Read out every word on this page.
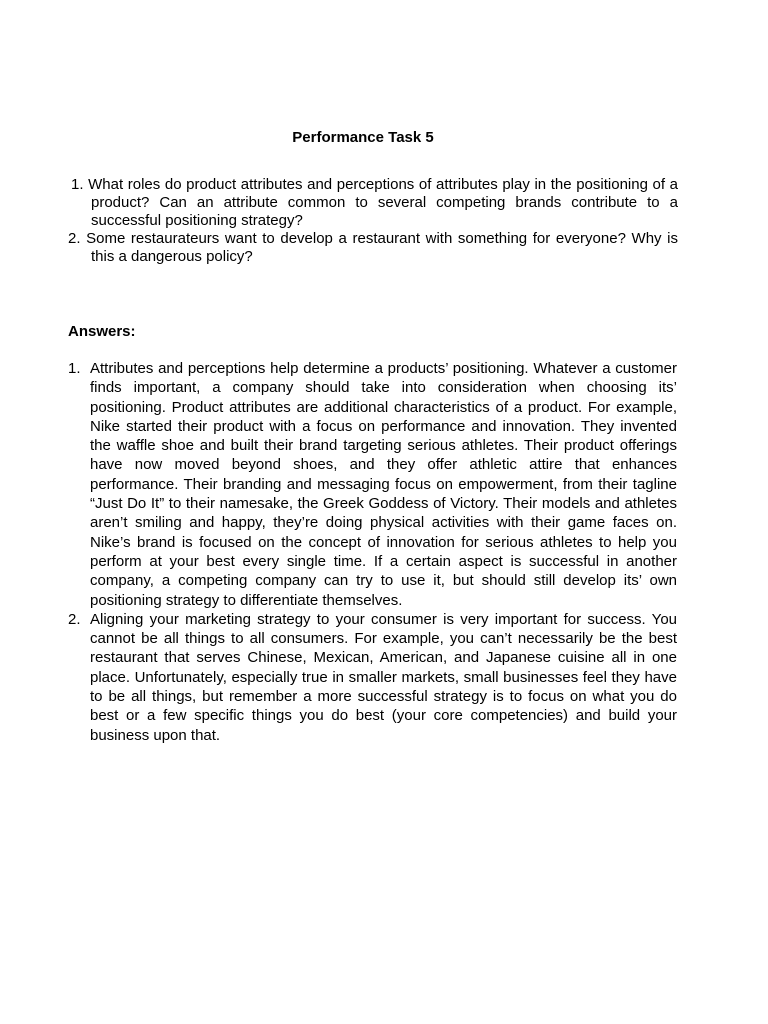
Performance Task 5

1. What roles do product attributes and perceptions of attributes play in the positioning of a product? Can an attribute common to several competing brands contribute to a successful positioning strategy?

2. Some restaurateurs want to develop a restaurant with something for everyone? Why is this a dangerous policy?

Answers:
1. Attributes and perceptions help determine a products’ positioning. Whatever a customer finds important, a company should take into consideration when choosing its’ positioning. Product attributes are additional characteristics of a product. For example, Nike started their product with a focus on performance and innovation. They invented the waffle shoe and built their brand targeting serious athletes. Their product offerings have now moved beyond shoes, and they offer athletic attire that enhances performance. Their branding and messaging focus on empowerment, from their tagline “Just Do It” to their namesake, the Greek Goddess of Victory. Their models and athletes aren’t smiling and happy, they’re doing physical activities with their game faces on. Nike’s brand is focused on the concept of innovation for serious athletes to help you perform at your best every single time. If a certain aspect is successful in another company, a competing company can try to use it, but should still develop its’ own positioning strategy to differentiate themselves.
2. Aligning your marketing strategy to your consumer is very important for success. You cannot be all things to all consumers. For example, you can’t necessarily be the best restaurant that serves Chinese, Mexican, American, and Japanese cuisine all in one place. Unfortunately, especially true in smaller markets, small businesses feel they have to be all things, but remember a more successful strategy is to focus on what you do best or a few specific things you do best (your core competencies) and build your business upon that.
